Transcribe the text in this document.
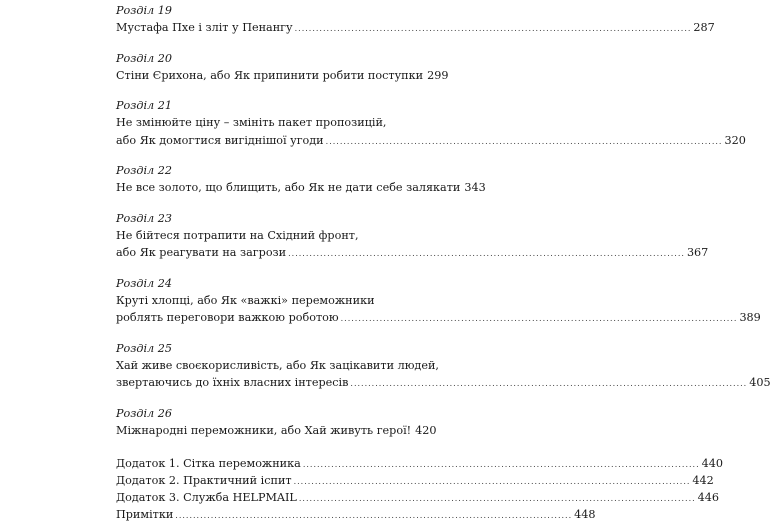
Розділ 19
Мустафа Пхе і зліт у Пенангу ................................................................................................................ 287
Розділ 20
Стіни Єрихона, або Як припинити робити поступки 299
Розділ 21
Не змінюйте ціну – змініть пакет пропозицій,
або Як домогтися вигіднішої угоди ................................................................................................................ 320
Розділ 22
Не все золото, що блищить, або Як не дати себе залякати 343
Розділ 23
Не бійтеся потрапити на Східний фронт,
або Як реагувати на загрози ................................................................................................................ 367
Розділ 24
Круті хлопці, або Як «важкі» переможники
роблять переговори важкою роботою ................................................................................................................ 389
Розділ 25
Хай живе своєкорисливість, або Як зацікавити людей,
звертаючись до їхніх власних інтересів ................................................................................................................ 405
Розділ 26
Міжнародні переможники, або Хай живуть герої! 420
Додаток 1. Сітка переможника ................................................................................................................ 440
Додаток 2. Практичний іспит ................................................................................................................ 442
Додаток 3. Служба HELPMAIL ................................................................................................................ 446
Примітки ................................................................................................................ 448
